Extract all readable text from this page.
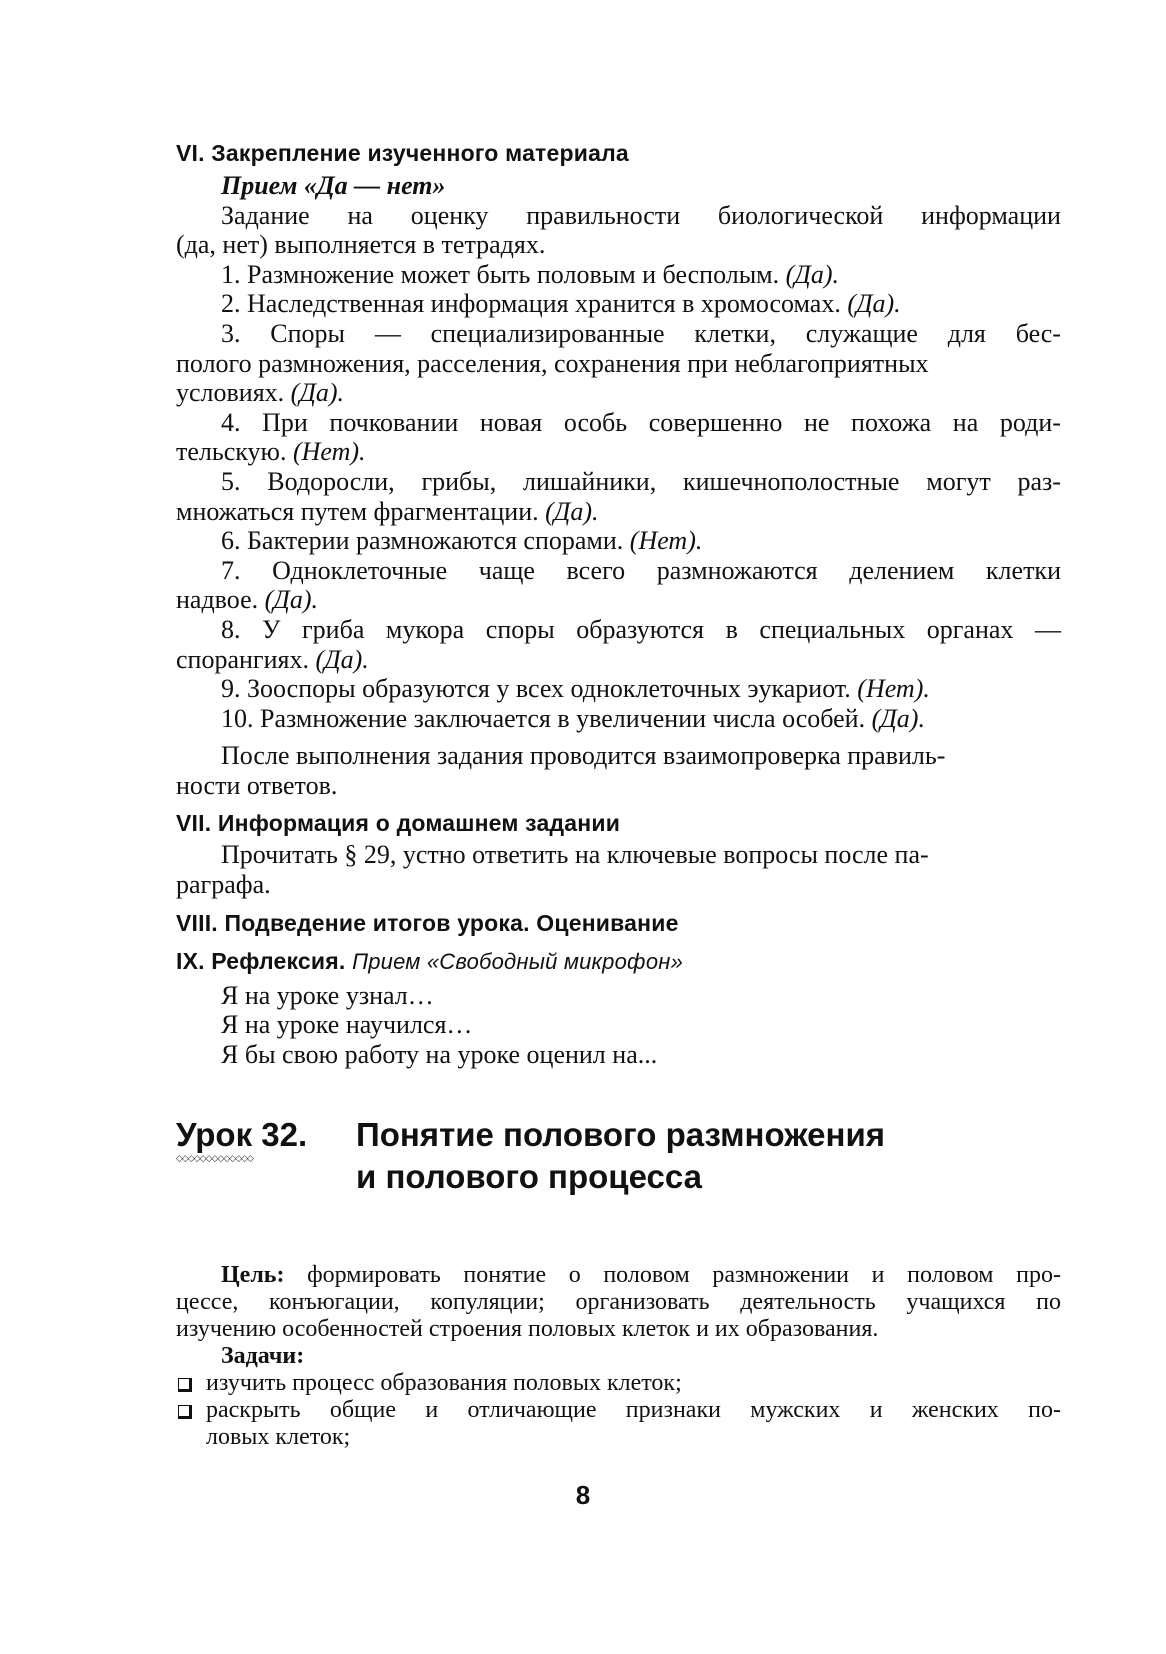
VI. Закрепление изученного материала
Прием «Да — нет»
Задание на оценку правильности биологической информации
(да, нет) выполняется в тетрадях.
1. Размножение может быть половым и бесполым. (Да).
2. Наследственная информация хранится в хромосомах. (Да).
3. Споры — специализированные клетки, служащие для бес-
полого размножения, расселения, сохранения при неблагоприятных
условиях. (Да).
4. При почковании новая особь совершенно не похожа на роди-
тельскую. (Нет).
5. Водоросли, грибы, лишайники, кишечнополостные могут раз-
множаться путем фрагментации. (Да).
6. Бактерии размножаются спорами. (Нет).
7. Одноклеточные чаще всего размножаются делением клетки
надвое. (Да).
8. У гриба мукора споры образуются в специальных органах —
спорангиях. (Да).
9. Зооспоры образуются у всех одноклеточных эукариот. (Нет).
10. Размножение заключается в увеличении числа особей. (Да).
После выполнения задания проводится взаимопроверка правиль-
ности ответов.
VII. Информация о домашнем задании
Прочитать § 29, устно ответить на ключевые вопросы после па-
раграфа.
VIII. Подведение итогов урока. Оценивание
IX. Рефлексия. Прием «Свободный микрофон»
Я на уроке узнал…
Я на уроке научился…
Я бы свою работу на уроке оценил на...
Урок 32.	Понятие полового размножения
и полового процесса
◇◇◇◇◇◇◇◇◇◇◇◇◇
Цель: формировать понятие о половом размножении и половом про-
цессе, конъюгации, копуляции; организовать деятельность учащихся по
изучению особенностей строения половых клеток и их образования.
Задачи:
изучить процесс образования половых клеток;
раскрыть общие и отличающие признаки мужских и женских по-
ловых клеток;
8
